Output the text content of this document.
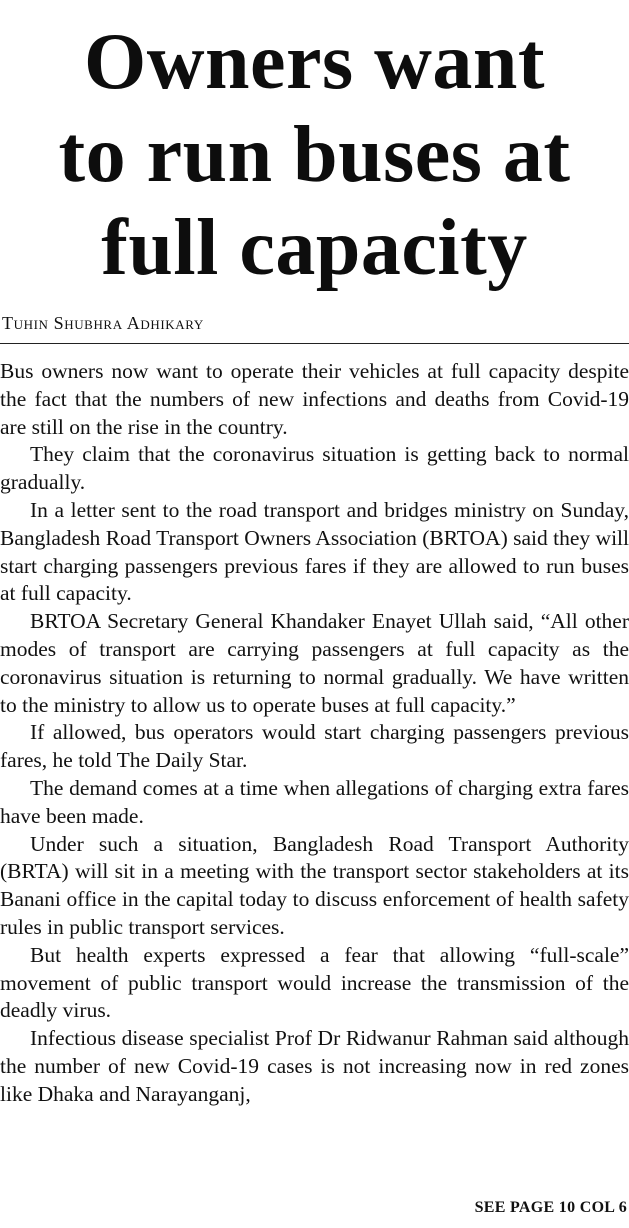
Owners want
to run buses at
full capacity
Tuhin Shubhra Adhikary

Bus owners now want to operate their vehicles at full capacity despite the fact that the numbers of new infections and deaths from Covid-19 are still on the rise in the country.

They claim that the coronavirus situation is getting back to normal gradually.

In a letter sent to the road transport and bridges ministry on Sunday, Bangladesh Road Transport Owners Association (BRTOA) said they will start charging passengers previous fares if they are allowed to run buses at full capacity.

BRTOA Secretary General Khandaker Enayet Ullah said, “All other modes of transport are carrying passengers at full capacity as the coronavirus situation is returning to normal gradually. We have written to the ministry to allow us to operate buses at full capacity.”

If allowed, bus operators would start charging passengers previous fares, he told The Daily Star.

The demand comes at a time when allegations of charging extra fares have been made.

Under such a situation, Bangladesh Road Transport Authority (BRTA) will sit in a meeting with the transport sector stakeholders at its Banani office in the capital today to discuss enforcement of health safety rules in public transport services.

But health experts expressed a fear that allowing “full-scale” movement of public transport would increase the transmission of the deadly virus.

Infectious disease specialist Prof Dr Ridwanur Rahman said although the number of new Covid-19 cases is not increasing now in red zones like Dhaka and Narayanganj,

SEE PAGE 10 COL 6
